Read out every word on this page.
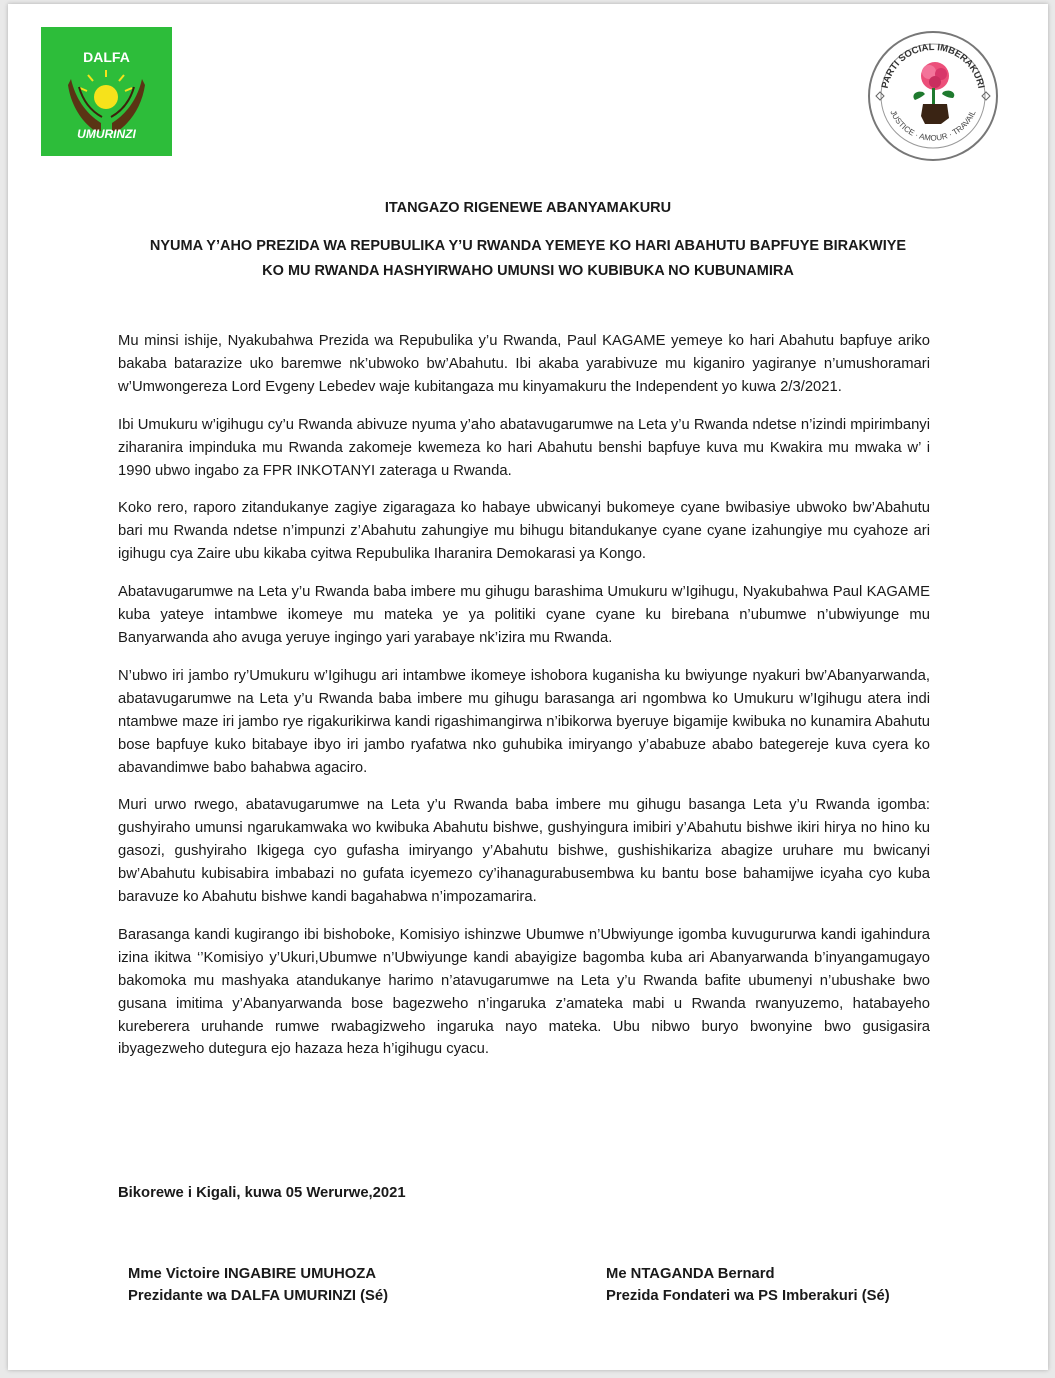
DALFA
UMURINZI
PARTI SOCIAL IMBERAKURI
JUSTICE · AMOUR · TRAVAIL
ITANGAZO RIGENEWE ABANYAMAKURU
NYUMA Y’AHO PREZIDA WA REPUBULIKA Y’U RWANDA YEMEYE KO HARI ABAHUTU BAPFUYE BIRAKWIYE
KO MU RWANDA HASHYIRWAHO UMUNSI WO KUBIBUKA NO KUBUNAMIRA

Mu minsi ishije, Nyakubahwa Prezida wa Repubulika y’u Rwanda, Paul KAGAME yemeye ko hari Abahutu bapfuye ariko bakaba batarazize uko baremwe nk’ubwoko bw’Abahutu. Ibi akaba yarabivuze mu kiganiro yagiranye n’umushoramari w’Umwongereza Lord Evgeny Lebedev waje kubitangaza mu kinyamakuru the Independent yo kuwa 2/3/2021.

Ibi Umukuru w’igihugu cy’u Rwanda abivuze nyuma y’aho abatavugarumwe na Leta y’u Rwanda ndetse n’izindi mpirimbanyi ziharanira impinduka mu Rwanda zakomeje kwemeza ko hari Abahutu benshi bapfuye kuva mu Kwakira mu mwaka w’ i 1990 ubwo ingabo za FPR INKOTANYI zateraga u Rwanda.

Koko rero, raporo zitandukanye zagiye zigaragaza ko habaye ubwicanyi bukomeye cyane bwibasiye ubwoko bw’Abahutu bari mu Rwanda ndetse n’impunzi z’Abahutu zahungiye mu bihugu bitandukanye cyane cyane izahungiye mu cyahoze ari igihugu cya Zaire ubu kikaba cyitwa Repubulika Iharanira Demokarasi ya Kongo.

Abatavugarumwe na Leta y’u Rwanda baba imbere mu gihugu barashima Umukuru w’Igihugu, Nyakubahwa Paul KAGAME kuba yateye intambwe ikomeye mu mateka ye ya politiki cyane cyane ku birebana n’ubumwe n’ubwiyunge mu Banyarwanda aho avuga yeruye ingingo yari yarabaye nk’izira mu Rwanda.

N’ubwo iri jambo ry’Umukuru w’Igihugu ari intambwe ikomeye ishobora kuganisha ku bwiyunge nyakuri bw’Abanyarwanda, abatavugarumwe na Leta y’u Rwanda baba imbere mu gihugu barasanga ari ngombwa ko Umukuru w’Igihugu atera indi ntambwe maze iri jambo rye rigakurikirwa kandi rigashimangirwa n’ibikorwa byeruye bigamije kwibuka no kunamira Abahutu bose bapfuye kuko bitabaye ibyo iri jambo ryafatwa nko guhubika imiryango y’ababuze ababo bategereje kuva cyera ko abavandimwe babo bahabwa agaciro.

Muri urwo rwego, abatavugarumwe na Leta y’u Rwanda baba imbere mu gihugu basanga Leta y’u Rwanda igomba: gushyiraho umunsi ngarukamwaka wo kwibuka Abahutu bishwe, gushyingura imibiri y’Abahutu bishwe ikiri hirya no hino ku gasozi, gushyiraho Ikigega cyo gufasha imiryango y’Abahutu bishwe, gushishikariza abagize uruhare mu bwicanyi bw’Abahutu kubisabira imbabazi no gufata icyemezo cy’ihanagurabusembwa ku bantu bose bahamijwe icyaha cyo kuba baravuze ko Abahutu bishwe kandi bagahabwa n’impozamarira.

Barasanga kandi kugirango ibi bishoboke, Komisiyo ishinzwe Ubumwe n’Ubwiyunge igomba kuvugururwa kandi igahindura izina ikitwa ‘’Komisiyo y’Ukuri,Ubumwe n’Ubwiyunge kandi abayigize bagomba kuba ari Abanyarwanda b’inyangamugayo bakomoka mu mashyaka atandukanye harimo n’atavugarumwe na Leta y’u Rwanda bafite ubumenyi n’ubushake bwo gusana imitima y’Abanyarwanda bose bagezweho n’ingaruka z’amateka mabi u Rwanda rwanyuzemo, hatabayeho kureberera uruhande rumwe rwabagizweho ingaruka nayo mateka. Ubu nibwo buryo bwonyine bwo gusigasira ibyagezweho dutegura ejo hazaza heza h’igihugu cyacu.

Bikorewe i Kigali, kuwa 05 Werurwe,2021
Mme Victoire INGABIRE UMUHOZA
Prezidante wa DALFA UMURINZI (Sé)
Me NTAGANDA Bernard
Prezida Fondateri wa PS Imberakuri (Sé)
